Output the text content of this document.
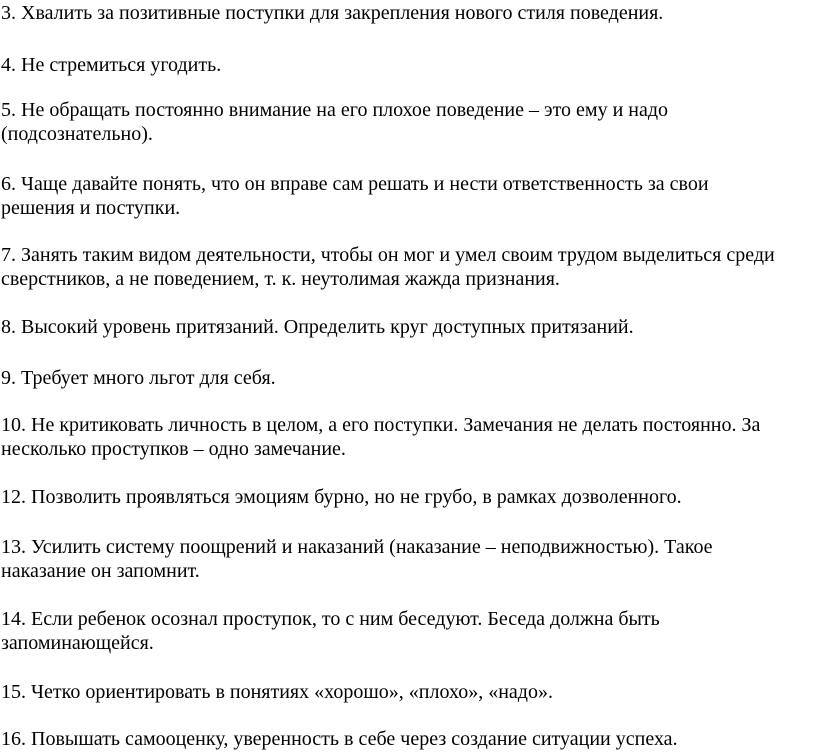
3. Хвалить за позитивные поступки для закрепления нового стиля поведения.
4. Не стремиться угодить.
5. Не обращать постоянно внимание на его плохое поведение – это ему и надо
(подсознательно).
6. Чаще давайте понять, что он вправе сам решать и нести ответственность за свои
решения и поступки.
7. Занять таким видом деятельности, чтобы он мог и умел своим трудом выделиться среди
сверстников, а не поведением, т. к. неутолимая жажда признания.
8. Высокий уровень притязаний. Определить круг доступных притязаний.
9. Требует много льгот для себя.
10. Не критиковать личность в целом, а его поступки. Замечания не делать постоянно. За
несколько проступков – одно замечание.
12. Позволить проявляться эмоциям бурно, но не грубо, в рамках дозволенного.
13. Усилить систему поощрений и наказаний (наказание – неподвижностью). Такое
наказание он запомнит.
14. Если ребенок осознал проступок, то с ним беседуют. Беседа должна быть
запоминающейся.
15. Четко ориентировать в понятиях «хорошо», «плохо», «надо».
16. Повышать самооценку, уверенность в себе через создание ситуации успеха.
